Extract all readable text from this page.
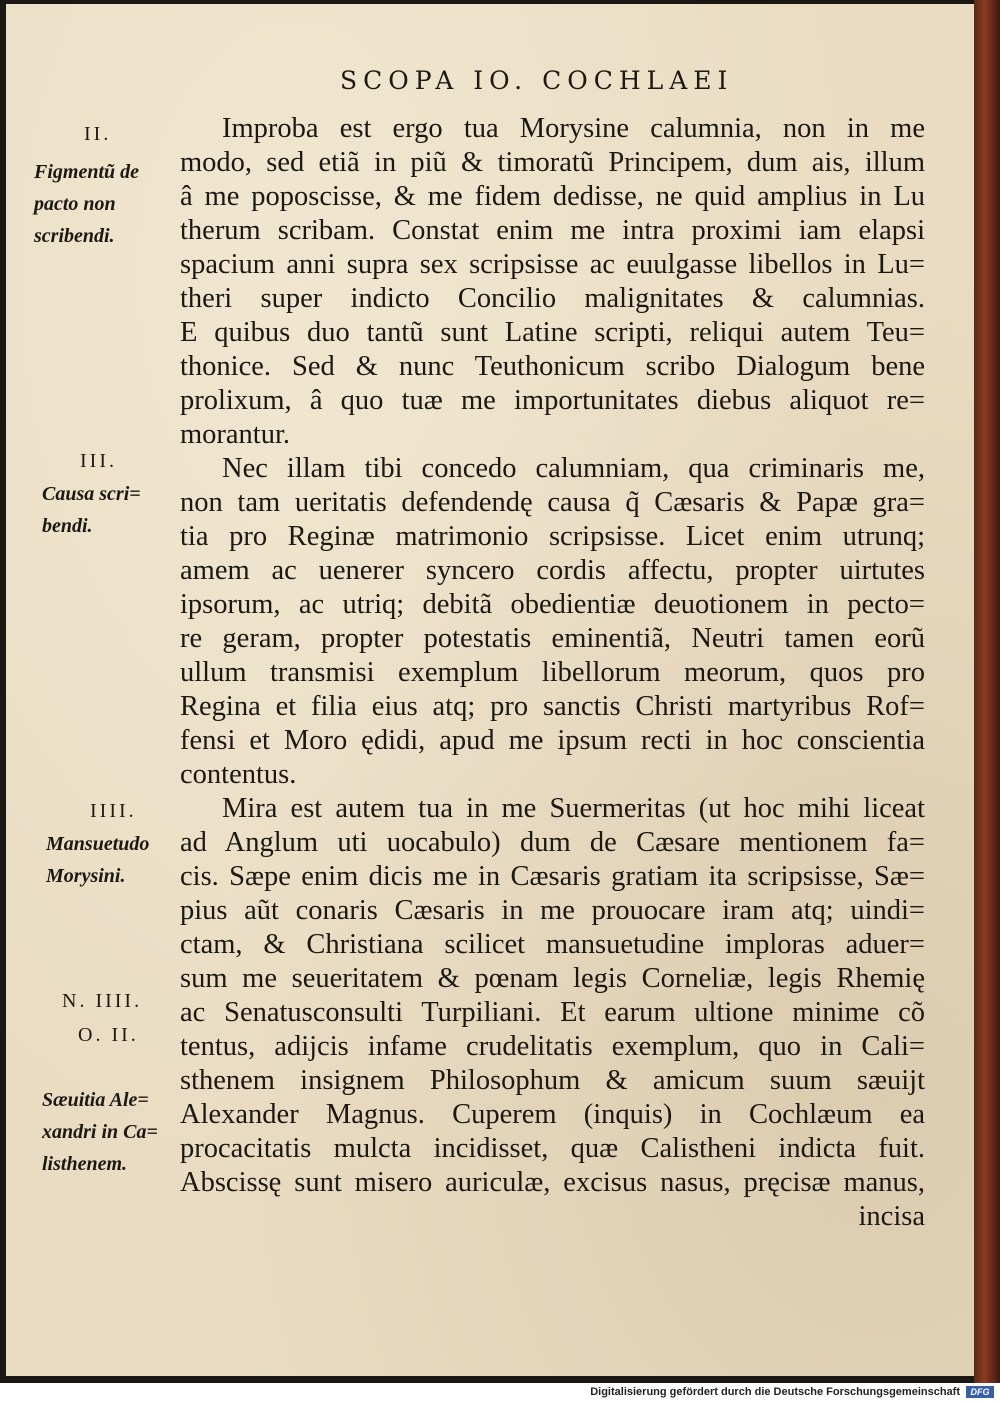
SCOPA IO. COCHLAEI
Improba est ergo tua Morysine calumnia, non in me
modo, sed etiã in piũ & timoratũ Principem, dum ais, illum
â me poposcisse, & me fidem dedisse, ne quid amplius in Lu
therum scribam. Constat enim me intra proximi iam elapsi
spacium anni supra sex scripsisse ac euulgasse libellos in Lu=
theri super indicto Concilio malignitates & calumnias.
E quibus duo tantũ sunt Latine scripti, reliqui autem Teu=
thonice. Sed & nunc Teuthonicum scribo Dialogum bene
prolixum, â quo tuæ me importunitates diebus aliquot re=
morantur.
Nec illam tibi concedo calumniam, qua criminaris me,
non tam ueritatis defendendę causa q̃ Cæsaris & Papæ gra=
tia pro Reginæ matrimonio scripsisse. Licet enim utrunq;
amem ac uenerer syncero cordis affectu, propter uirtutes
ipsorum, ac utriq; debitã obedientiæ deuotionem in pecto=
re geram, propter potestatis eminentiã, Neutri tamen eorũ
ullum transmisi exemplum libellorum meorum, quos pro
Regina et filia eius atq; pro sanctis Christi martyribus Rof=
fensi et Moro ędidi, apud me ipsum recti in hoc conscientia
contentus.
Mira est autem tua in me Suermeritas (ut hoc mihi liceat
ad Anglum uti uocabulo) dum de Cæsare mentionem fa=
cis. Sæpe enim dicis me in Cæsaris gratiam ita scripsisse, Sæ=
pius aũt conaris Cæsaris in me prouocare iram atq; uindi=
ctam, & Christiana scilicet mansuetudine imploras aduer=
sum me seueritatem & pœnam legis Corneliæ, legis Rhemię
ac Senatusconsulti Turpiliani. Et earum ultione minime cõ
tentus, adijcis infame crudelitatis exemplum, quo in Cali=
sthenem insignem Philosophum & amicum suum sæuijt
Alexander Magnus. Cuperem (inquis) in Cochlæum ea
procacitatis mulcta incidisset, quæ Calistheni indicta fuit.
Abscissę sunt misero auriculæ, excisus nasus, pręcisæ manus,
incisa
II.
Figmentũ de
pacto non
scribendi.
III.
Causa scri=
bendi.
IIII.
Mansuetudo
Morysini.
N. IIII.
O. II.
Sæuitia Ale=
xandri in Ca=
listhenem.
Digitalisierung gefördert durch die Deutsche Forschungsgemeinschaft	DFG
